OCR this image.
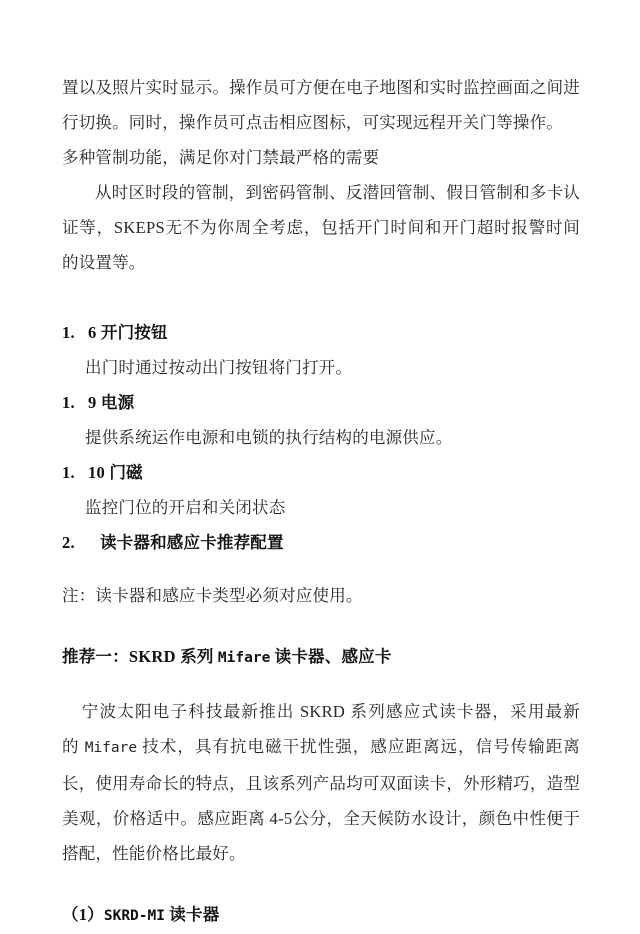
置以及照片实时显示。操作员可方便在电子地图和实时监控画面之间进行切换。同时，操作员可点击相应图标，可实现远程开关门等操作。

多种管制功能，满足你对门禁最严格的需要

从时区时段的管制，到密码管制、反潜回管制、假日管制和多卡认证等，SKEPS无不为你周全考虑，包括开门时间和开门超时报警时间的设置等。

1. 6 开门按钮

出门时通过按动出门按钮将门打开。

1. 9 电源

提供系统运作电源和电锁的执行结构的电源供应。

1. 10 门磁

监控门位的开启和关闭状态

2.	读卡器和感应卡推荐配置

注：读卡器和感应卡类型必须对应使用。

推荐一：SKRD 系列 Mifare 读卡器、感应卡

宁波太阳电子科技最新推出 SKRD 系列感应式读卡器，采用最新的 Mifare 技术，具有抗电磁干扰性强，感应距离远，信号传输距离长，使用寿命长的特点，且该系列产品均可双面读卡，外形精巧，造型美观，价格适中。感应距离 4-5公分，全天候防水设计，颜色中性便于搭配，性能价格比最好。

（1）SKRD-MI 读卡器
